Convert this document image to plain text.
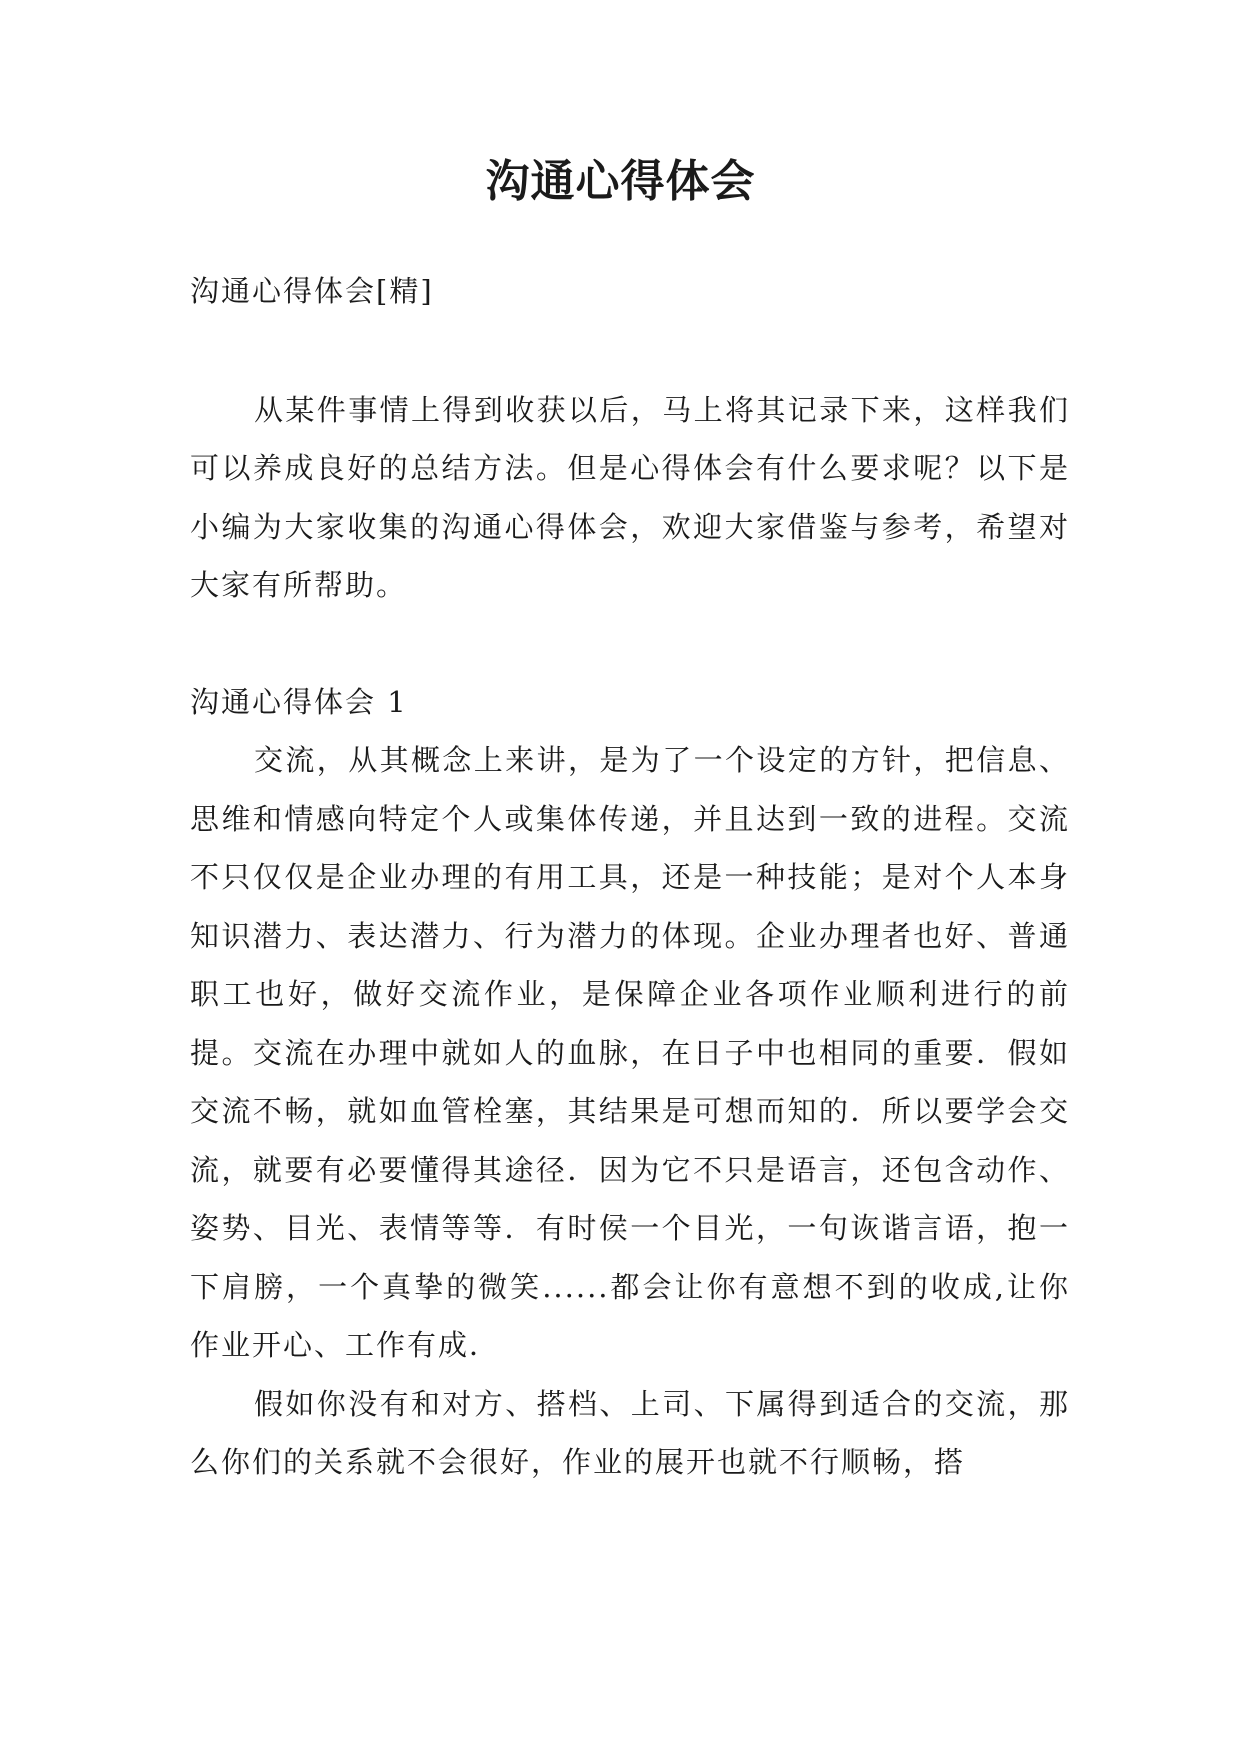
沟通心得体会

沟通心得体会[精]

从某件事情上得到收获以后，马上将其记录下来，这样我们可以养成良好的总结方法。但是心得体会有什么要求呢？以下是小编为大家收集的沟通心得体会，欢迎大家借鉴与参考，希望对大家有所帮助。

沟通心得体会 1

交流，从其概念上来讲，是为了一个设定的方针，把信息、思维和情感向特定个人或集体传递，并且达到一致的进程。交流不只仅仅是企业办理的有用工具，还是一种技能；是对个人本身知识潜力、表达潜力、行为潜力的体现。企业办理者也好、普通职工也好，做好交流作业，是保障企业各项作业顺利进行的前提。交流在办理中就如人的血脉，在日子中也相同的重要．假如交流不畅，就如血管栓塞，其结果是可想而知的．所以要学会交流，就要有必要懂得其途径．因为它不只是语言，还包含动作、姿势、目光、表情等等．有时侯一个目光，一句诙谐言语，抱一下肩膀，一个真挚的微笑......都会让你有意想不到的收成,让你作业开心、工作有成．

假如你没有和对方、搭档、上司、下属得到适合的交流，那么你们的关系就不会很好，作业的展开也就不行顺畅，搭
